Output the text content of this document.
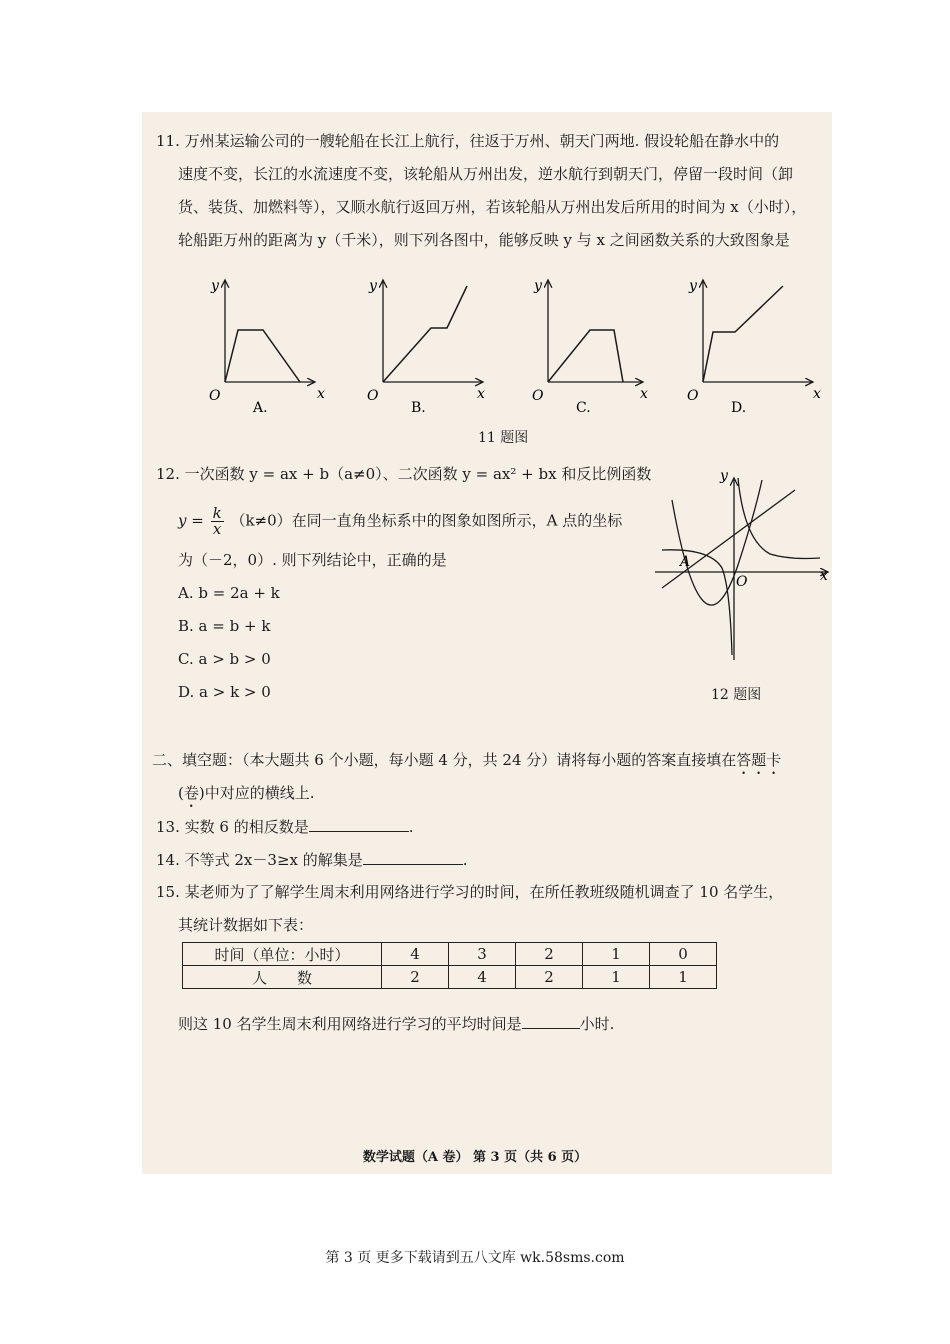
11. 万州某运输公司的一艘轮船在长江上航行，往返于万州、朝天门两地. 假设轮船在静水中的
速度不变，长江的水流速度不变，该轮船从万州出发，逆水航行到朝天门，停留一段时间（卸
货、装货、加燃料等），又顺水航行返回万州，若该轮船从万州出发后所用的时间为 x（小时），
轮船距万州的距离为 y（千米），则下列各图中，能够反映 y 与 x 之间函数关系的大致图象是
y
x
O
A.
y
x
O
B.
y
x
O
C.
y
x
O
D.
11 题图
12. 一次函数 y = ax + b（a≠0）、二次函数 y = ax² + bx 和反比例函数
$y = \frac{k}{x} (k\ne 0)$在同一直角坐标系中的图象如图所示，A 点的坐标
为（－2，0）. 则下列结论中，正确的是
A. b = 2a + k
B. a = b + k
C. a > b > 0
D. a > k > 0
y
x
O
A
12 题图
二、填空题：（本大题共 6 个小题，每小题 4 分，共 24 分）请将每小题的答案直接填在答题卡
(卷)中对应的横线上.
13. 实数 6 的相反数是	.
14. 不等式 2x－3≥x 的解集是	.
15. 某老师为了了解学生周末利用网络进行学习的时间，在所任教班级随机调查了 10 名学生，
其统计数据如下表：
时间（单位：小时）	4	3	2	1	0
人　　数	2	4	2	1	1
则这 10 名学生周末利用网络进行学习的平均时间是	小时.
数学试题（A 卷） 第 3 页（共 6 页）
第 3 页 更多下载请到五八文库 wk.58sms.com
